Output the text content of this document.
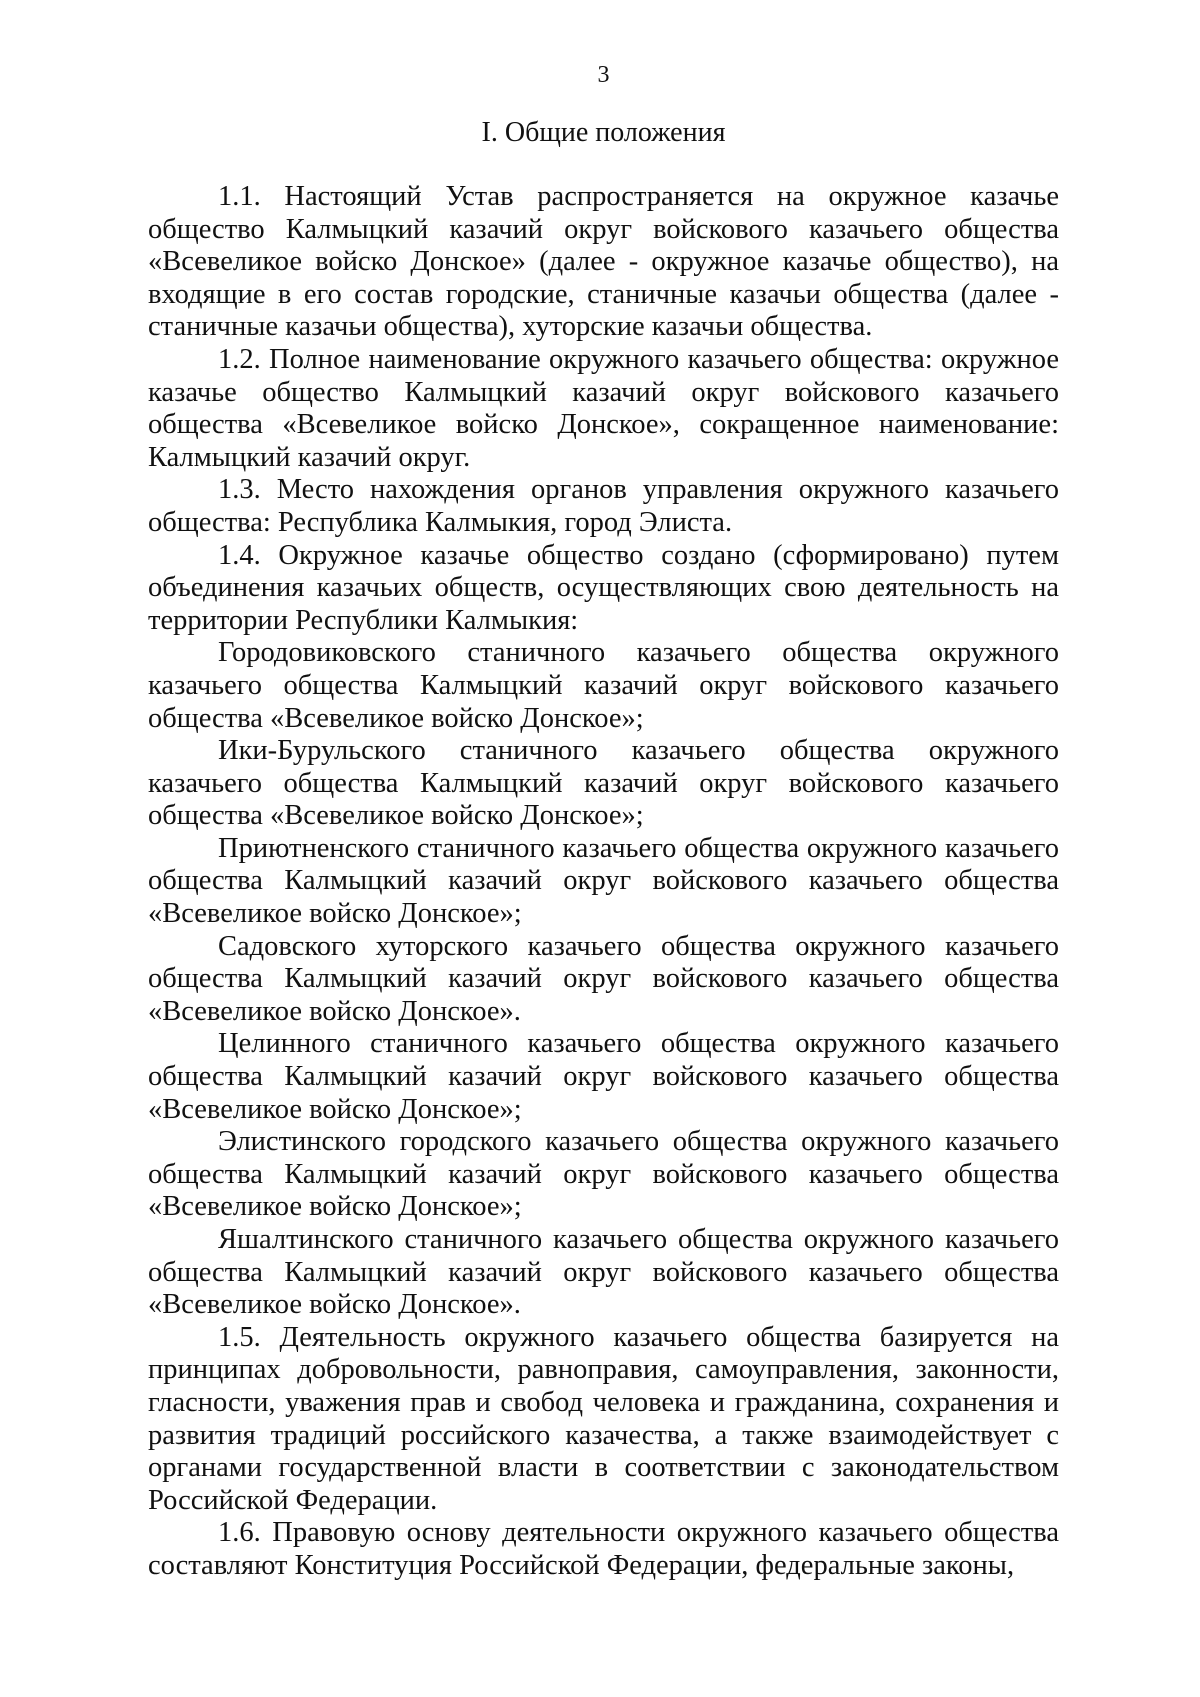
3
I. Общие положения

1.1. Настоящий Устав распространяется на окружное казачье общество Калмыцкий казачий округ войскового казачьего общества «Всевеликое войско Донское» (далее - окружное казачье общество), на входящие в его состав городские, станичные казачьи общества (далее - станичные казачьи общества), хуторские казачьи общества.

1.2. Полное наименование окружного казачьего общества: окружное казачье общество Калмыцкий казачий округ войскового казачьего общества «Всевеликое войско Донское», сокращенное наименование: Калмыцкий казачий округ.

1.3. Место нахождения органов управления окружного казачьего общества: Республика Калмыкия, город Элиста.

1.4. Окружное казачье общество создано (сформировано) путем объединения казачьих обществ, осуществляющих свою деятельность на территории Республики Калмыкия:

Городовиковского станичного казачьего общества окружного казачьего общества Калмыцкий казачий округ войскового казачьего общества «Всевеликое войско Донское»;

Ики-Бурульского станичного казачьего общества окружного казачьего общества Калмыцкий казачий округ войскового казачьего общества «Всевеликое войско Донское»;

Приютненского станичного казачьего общества окружного казачьего общества Калмыцкий казачий округ войскового казачьего общества «Всевеликое войско Донское»;

Садовского хуторского казачьего общества окружного казачьего общества Калмыцкий казачий округ войскового казачьего общества «Всевеликое войско Донское».

Целинного станичного казачьего общества окружного казачьего общества Калмыцкий казачий округ войскового казачьего общества «Всевеликое войско Донское»;

Элистинского городского казачьего общества окружного казачьего общества Калмыцкий казачий округ войскового казачьего общества «Всевеликое войско Донское»;

Яшалтинского станичного казачьего общества окружного казачьего общества Калмыцкий казачий округ войскового казачьего общества «Всевеликое войско Донское».

1.5. Деятельность окружного казачьего общества базируется на принципах добровольности, равноправия, самоуправления, законности, гласности, уважения прав и свобод человека и гражданина, сохранения и развития традиций российского казачества, а также взаимодействует с органами государственной власти в соответствии с законодательством Российской Федерации.

1.6. Правовую основу деятельности окружного казачьего общества составляют Конституция Российской Федерации, федеральные законы,
